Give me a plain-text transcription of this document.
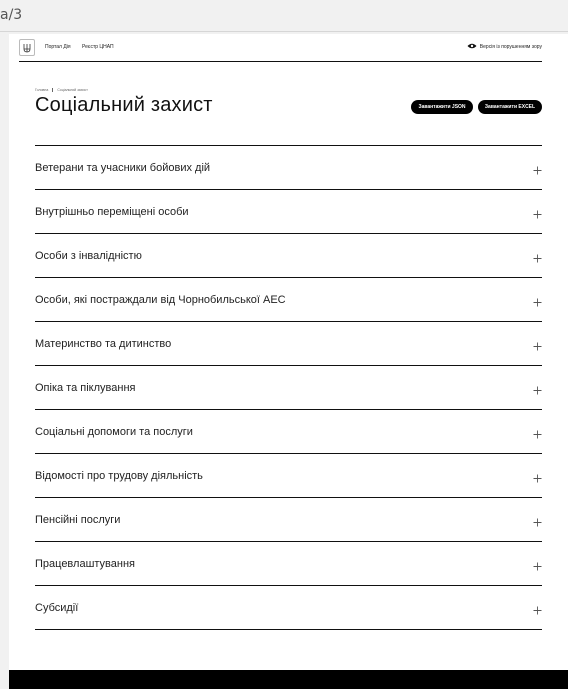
a/3
Портал Дія Реєстр ЦНАП	Версія із порушенням зору
Головна	Соціальний захист
Соціальний захист	Завантажити JSON	Завантажити EXCEL
Ветерани та учасники бойових дій
Внутрішньо переміщені особи
Особи з інвалідністю
Особи, які постраждали від Чорнобильської АЕС
Материнство та дитинство
Опіка та піклування
Соціальні допомоги та послуги
Відомості про трудову діяльність
Пенсійні послуги
Працевлаштування
Субсидії
